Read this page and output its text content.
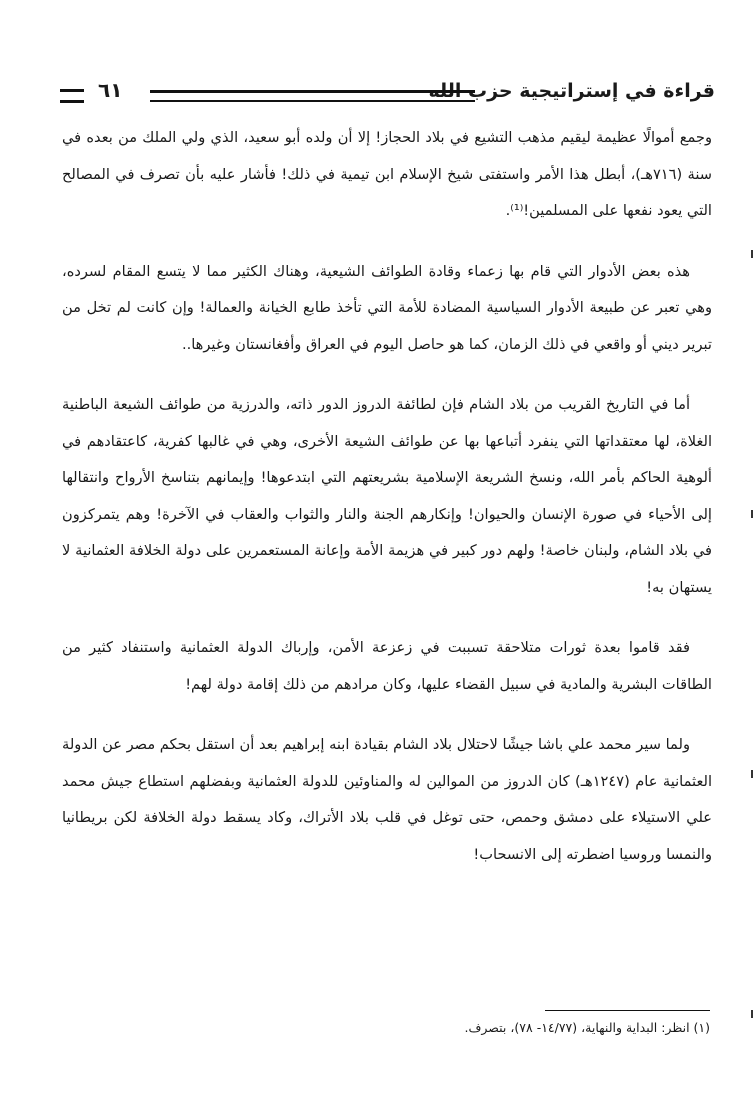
قراءة في إستراتيجية حزب الله
٦١

وجمع أموالًا عظيمة ليقيم مذهب التشيع في بلاد الحجاز! إلا أن ولده أبو سعيد، الذي ولي الملك من بعده في سنة (٧١٦هـ)، أبطل هذا الأمر واستفتى شيخ الإسلام ابن تيمية في ذلك! فأشار عليه بأن تصرف في المصالح التي يعود نفعها على المسلمين!⁽¹⁾.

هذه بعض الأدوار التي قام بها زعماء وقادة الطوائف الشيعية، وهناك الكثير مما لا يتسع المقام لسرده، وهي تعبر عن طبيعة الأدوار السياسية المضادة للأمة التي تأخذ طابع الخيانة والعمالة! وإن كانت لم تخل من تبرير ديني أو واقعي في ذلك الزمان، كما هو حاصل اليوم في العراق وأفغانستان وغيرها..

أما في التاريخ القريب من بلاد الشام فإن لطائفة الدروز الدور ذاته، والدرزية من طوائف الشيعة الباطنية الغلاة، لها معتقداتها التي ينفرد أتباعها بها عن طوائف الشيعة الأخرى، وهي في غالبها كفرية، كاعتقادهم في ألوهية الحاكم بأمر الله، ونسخ الشريعة الإسلامية بشريعتهم التي ابتدعوها! وإيمانهم بتناسخ الأرواح وانتقالها إلى الأحياء في صورة الإنسان والحيوان! وإنكارهم الجنة والنار والثواب والعقاب في الآخرة! وهم يتمركزون في بلاد الشام، ولبنان خاصة! ولهم دور كبير في هزيمة الأمة وإعانة المستعمرين على دولة الخلافة العثمانية لا يستهان به!

فقد قاموا بعدة ثورات متلاحقة تسببت في زعزعة الأمن، وإرباك الدولة العثمانية واستنفاد كثير من الطاقات البشرية والمادية في سبيل القضاء عليها، وكان مرادهم من ذلك إقامة دولة لهم!

ولما سير محمد علي باشا جيشًا لاحتلال بلاد الشام بقيادة ابنه إبراهيم بعد أن استقل بحكم مصر عن الدولة العثمانية عام (١٢٤٧هـ) كان الدروز من الموالين له والمناوئين للدولة العثمانية وبفضلهم استطاع جيش محمد علي الاستيلاء على دمشق وحمص، حتى توغل في قلب بلاد الأتراك، وكاد يسقط دولة الخلافة لكن بريطانيا والنمسا وروسيا اضطرته إلى الانسحاب!

(١) انظر: البداية والنهاية، (١٤/٧٧- ٧٨)، بتصرف.
